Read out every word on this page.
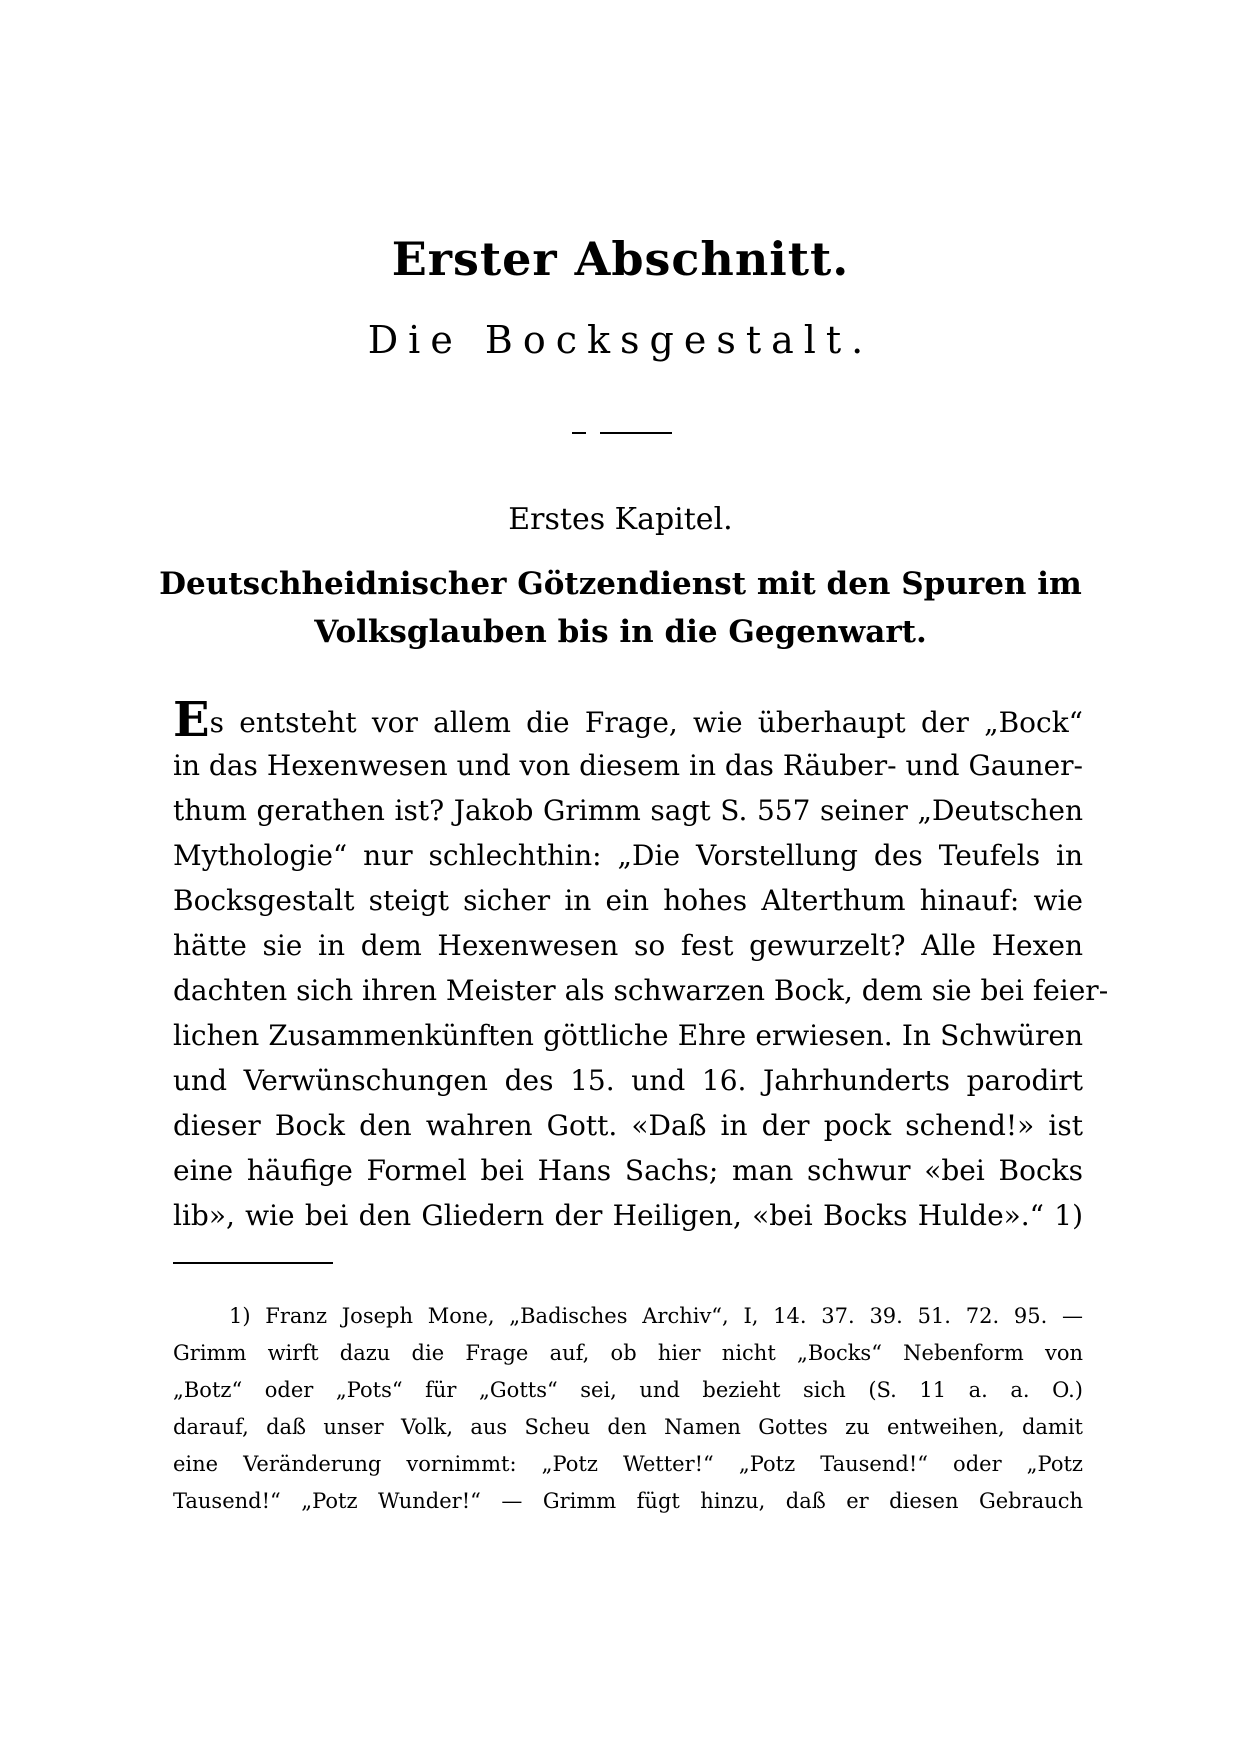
Erster Abschnitt.
Die Bocksgestalt.
Erstes Kapitel.
Deutschheidnischer Götzendienst mit den Spuren im
Volksglauben bis in die Gegenwart.
Es entsteht vor allem die Frage, wie überhaupt der „Bock“
in das Hexenwesen und von diesem in das Räuber- und Gauner-
thum gerathen ist? Jakob Grimm sagt S. 557 seiner „Deutschen
Mythologie“ nur schlechthin: „Die Vorstellung des Teufels in
Bocksgestalt steigt sicher in ein hohes Alterthum hinauf: wie
hätte sie in dem Hexenwesen so fest gewurzelt? Alle Hexen
dachten sich ihren Meister als schwarzen Bock, dem sie bei feier-
lichen Zusammenkünften göttliche Ehre erwiesen. In Schwüren
und Verwünschungen des 15. und 16. Jahrhunderts parodirt
dieser Bock den wahren Gott. «Daß in der pock schend!» ist
eine häufige Formel bei Hans Sachs; man schwur «bei Bocks
lib», wie bei den Gliedern der Heiligen, «bei Bocks Hulde».“ 1)
1) Franz Joseph Mone, „Badisches Archiv“, I, 14. 37. 39. 51. 72. 95. —
Grimm wirft dazu die Frage auf, ob hier nicht „Bocks“ Nebenform von
„Botz“ oder „Pots“ für „Gotts“ sei, und bezieht sich (S. 11 a. a. O.)
darauf, daß unser Volk, aus Scheu den Namen Gottes zu entweihen, damit
eine Veränderung vornimmt: „Potz Wetter!“ „Potz Tausend!“ oder „Potz
Tausend!“ „Potz Wunder!“ — Grimm fügt hinzu, daß er diesen Gebrauch
